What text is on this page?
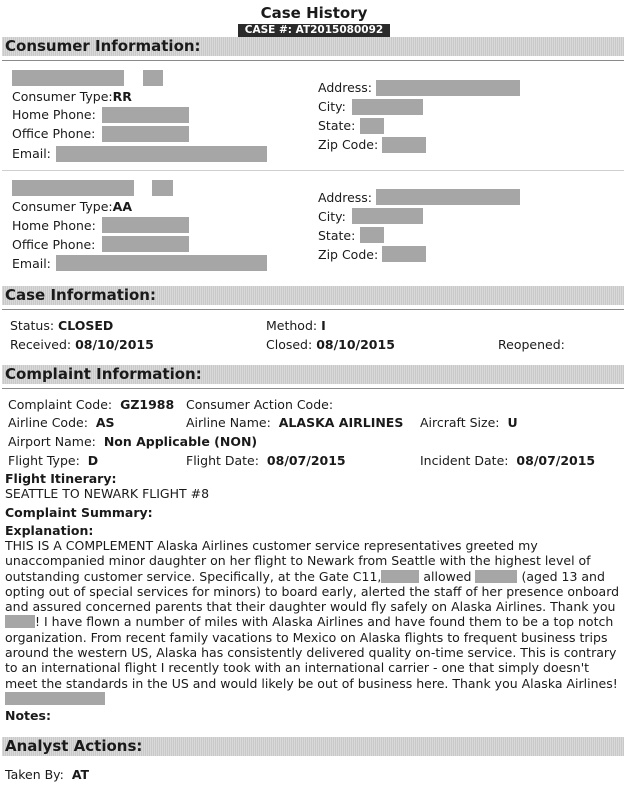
Case History
CASE #: AT2015080092
Consumer Information:
Consumer Type:RR
Home Phone:
Office Phone:
Email:
Address:
City:
State:
Zip Code:
Consumer Type:AA
Home Phone:
Office Phone:
Email:
Address:
City:
State:
Zip Code:
Case Information:
Status: CLOSED	Method: I
Received: 08/10/2015	Closed: 08/10/2015	Reopened:
Complaint Information:
Complaint Code: GZ1988 Consumer Action Code:
Airline Code: AS	Airline Name: ALASKA AIRLINES Aircraft Size: U
Airport Name: Non Applicable (NON)
Flight Type: D	Flight Date: 08/07/2015	Incident Date: 08/07/2015
Flight Itinerary:
SEATTLE TO NEWARK FLIGHT #8
Complaint Summary:
Explanation:
THIS IS A COMPLEMENT Alaska Airlines customer service representatives greeted my unaccompanied minor daughter on her flight to Newark from Seattle with the highest level of outstanding customer service. Specifically, at the Gate C11,	allowed	(aged 13 and opting out of special services for minors) to board early, alerted the staff of her presence onboard and assured concerned parents that their daughter would fly safely on Alaska Airlines. Thank you ! I have flown a number of miles with Alaska Airlines and have found them to be a top notch organization. From recent family vacations to Mexico on Alaska flights to frequent business trips around the western US, Alaska has consistently delivered quality on-time service. This is contrary to an international flight I recently took with an international carrier - one that simply doesn't meet the standards in the US and would likely be out of business here. Thank you Alaska Airlines!
Notes:
Analyst Actions:
Taken By: AT
